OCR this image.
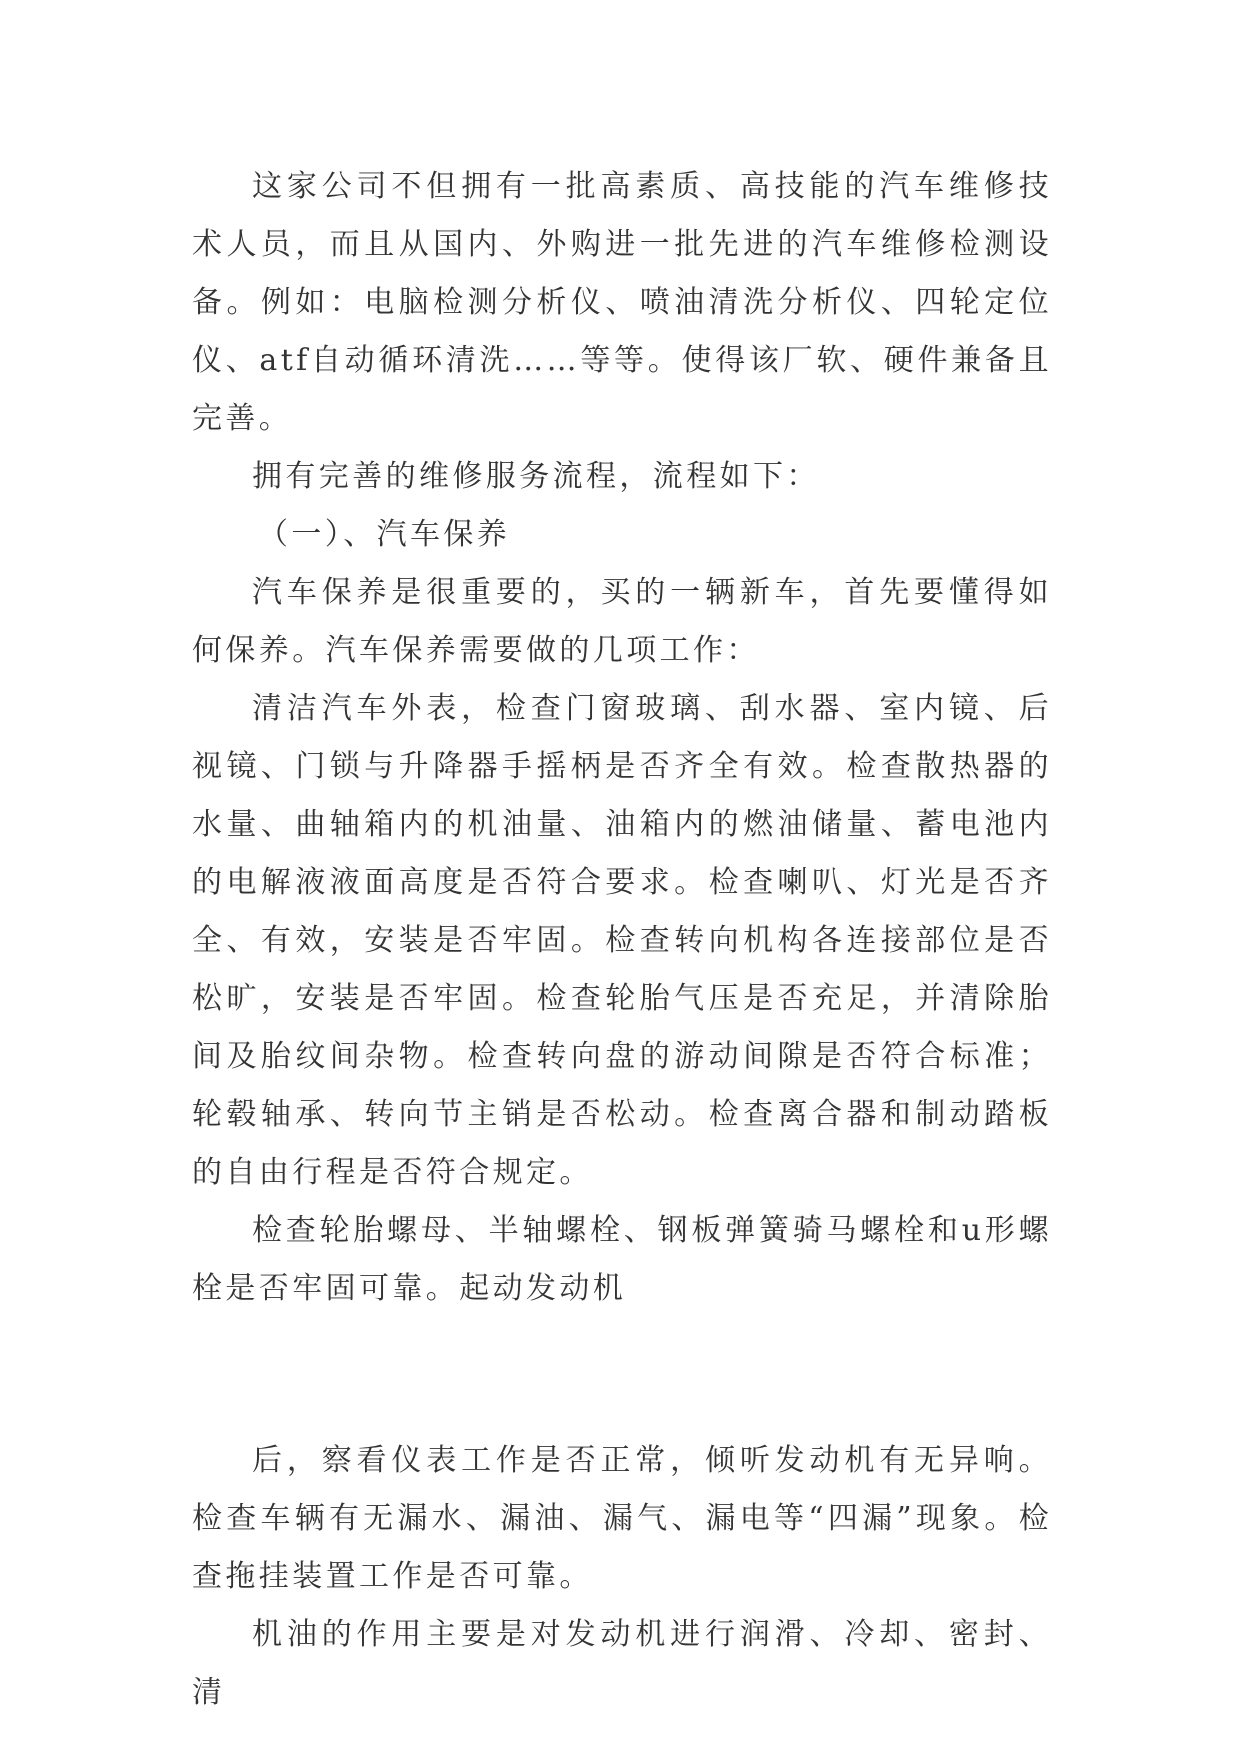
这家公司不但拥有一批高素质、高技能的汽车维修技术人员，而且从国内、外购进一批先进的汽车维修检测设备。例如：电脑检测分析仪、喷油清洗分析仪、四轮定位仪、atf自动循环清洗……等等。使得该厂软、硬件兼备且完善。

拥有完善的维修服务流程，流程如下：

（一）、汽车保养

汽车保养是很重要的，买的一辆新车，首先要懂得如何保养。汽车保养需要做的几项工作：

清洁汽车外表，检查门窗玻璃、刮水器、室内镜、后视镜、门锁与升降器手摇柄是否齐全有效。检查散热器的水量、曲轴箱内的机油量、油箱内的燃油储量、蓄电池内的电解液液面高度是否符合要求。检查喇叭、灯光是否齐全、有效，安装是否牢固。检查转向机构各连接部位是否松旷，安装是否牢固。检查轮胎气压是否充足，并清除胎间及胎纹间杂物。检查转向盘的游动间隙是否符合标准；轮毂轴承、转向节主销是否松动。检查离合器和制动踏板的自由行程是否符合规定。

检查轮胎螺母、半轴螺栓、钢板弹簧骑马螺栓和u形螺栓是否牢固可靠。起动发动机

后，察看仪表工作是否正常，倾听发动机有无异响。检查车辆有无漏水、漏油、漏气、漏电等“四漏”现象。检查拖挂装置工作是否可靠。

机油的作用主要是对发动机进行润滑、冷却、密封、清
